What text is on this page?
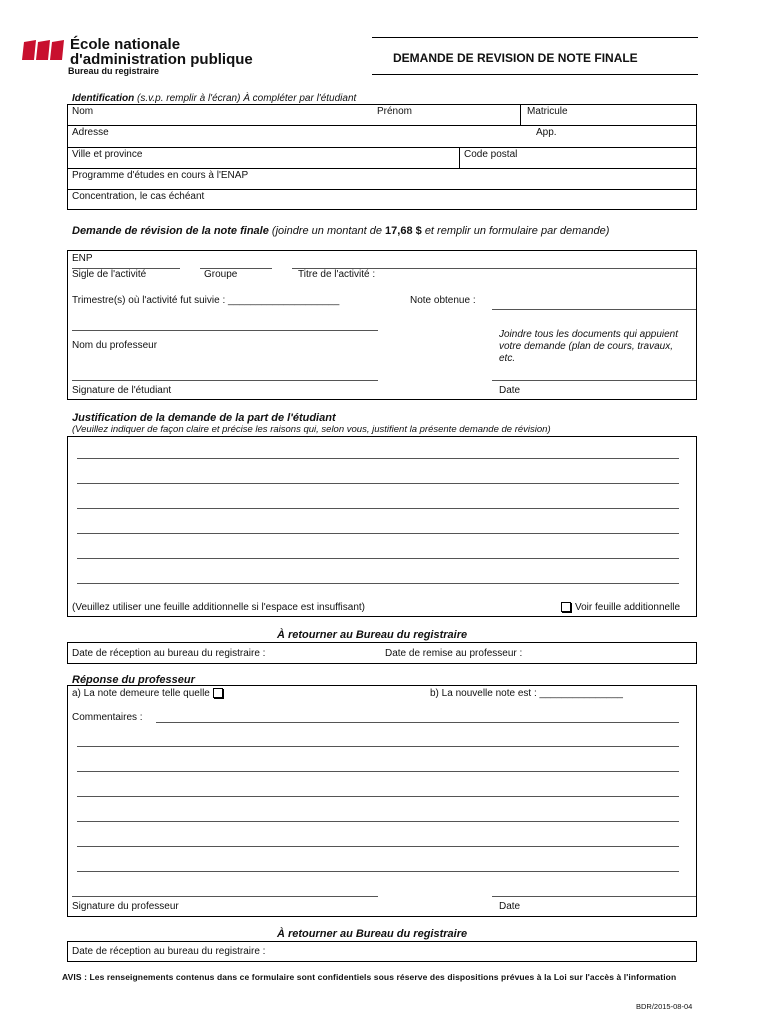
École nationale
d'administration publique
Bureau du registraire
DEMANDE DE REVISION DE NOTE FINALE
Identification (s.v.p. remplir à l'écran) À compléter par l'étudiant
Nom	Prénom	Matricule
Adresse	App.
Ville et province	Code postal
Programme d'études en cours à l'ENAP
Concentration, le cas échéant
Demande de révision de la note finale (joindre un montant de 17,68 $ et remplir un formulaire par demande)
ENP
Sigle de l'activité	Groupe	Titre de l'activité :
Trimestre(s) où l'activité fut suivie : ____________________	Note obtenue :
Nom du professeur
Joindre tous les documents qui appuient votre demande (plan de cours, travaux, etc.
Signature de l'étudiant	Date
Justification de la demande de la part de l'étudiant
(Veuillez indiquer de façon claire et précise les raisons qui, selon vous, justifient la présente demande de révision)
(Veuillez utiliser une feuille additionnelle si l'espace est insuffisant)	Voir feuille additionnelle
À retourner au Bureau du registraire
Date de réception au bureau du registraire :	Date de remise au professeur :
Réponse du professeur
a) La note demeure telle quelle	b) La nouvelle note est : _______________
Commentaires :
Signature du professeur	Date
À retourner au Bureau du registraire
Date de réception au bureau du registraire :
AVIS : Les renseignements contenus dans ce formulaire sont confidentiels sous réserve des dispositions prévues à la Loi sur l'accès à l'information
BDR/2015-08-04
